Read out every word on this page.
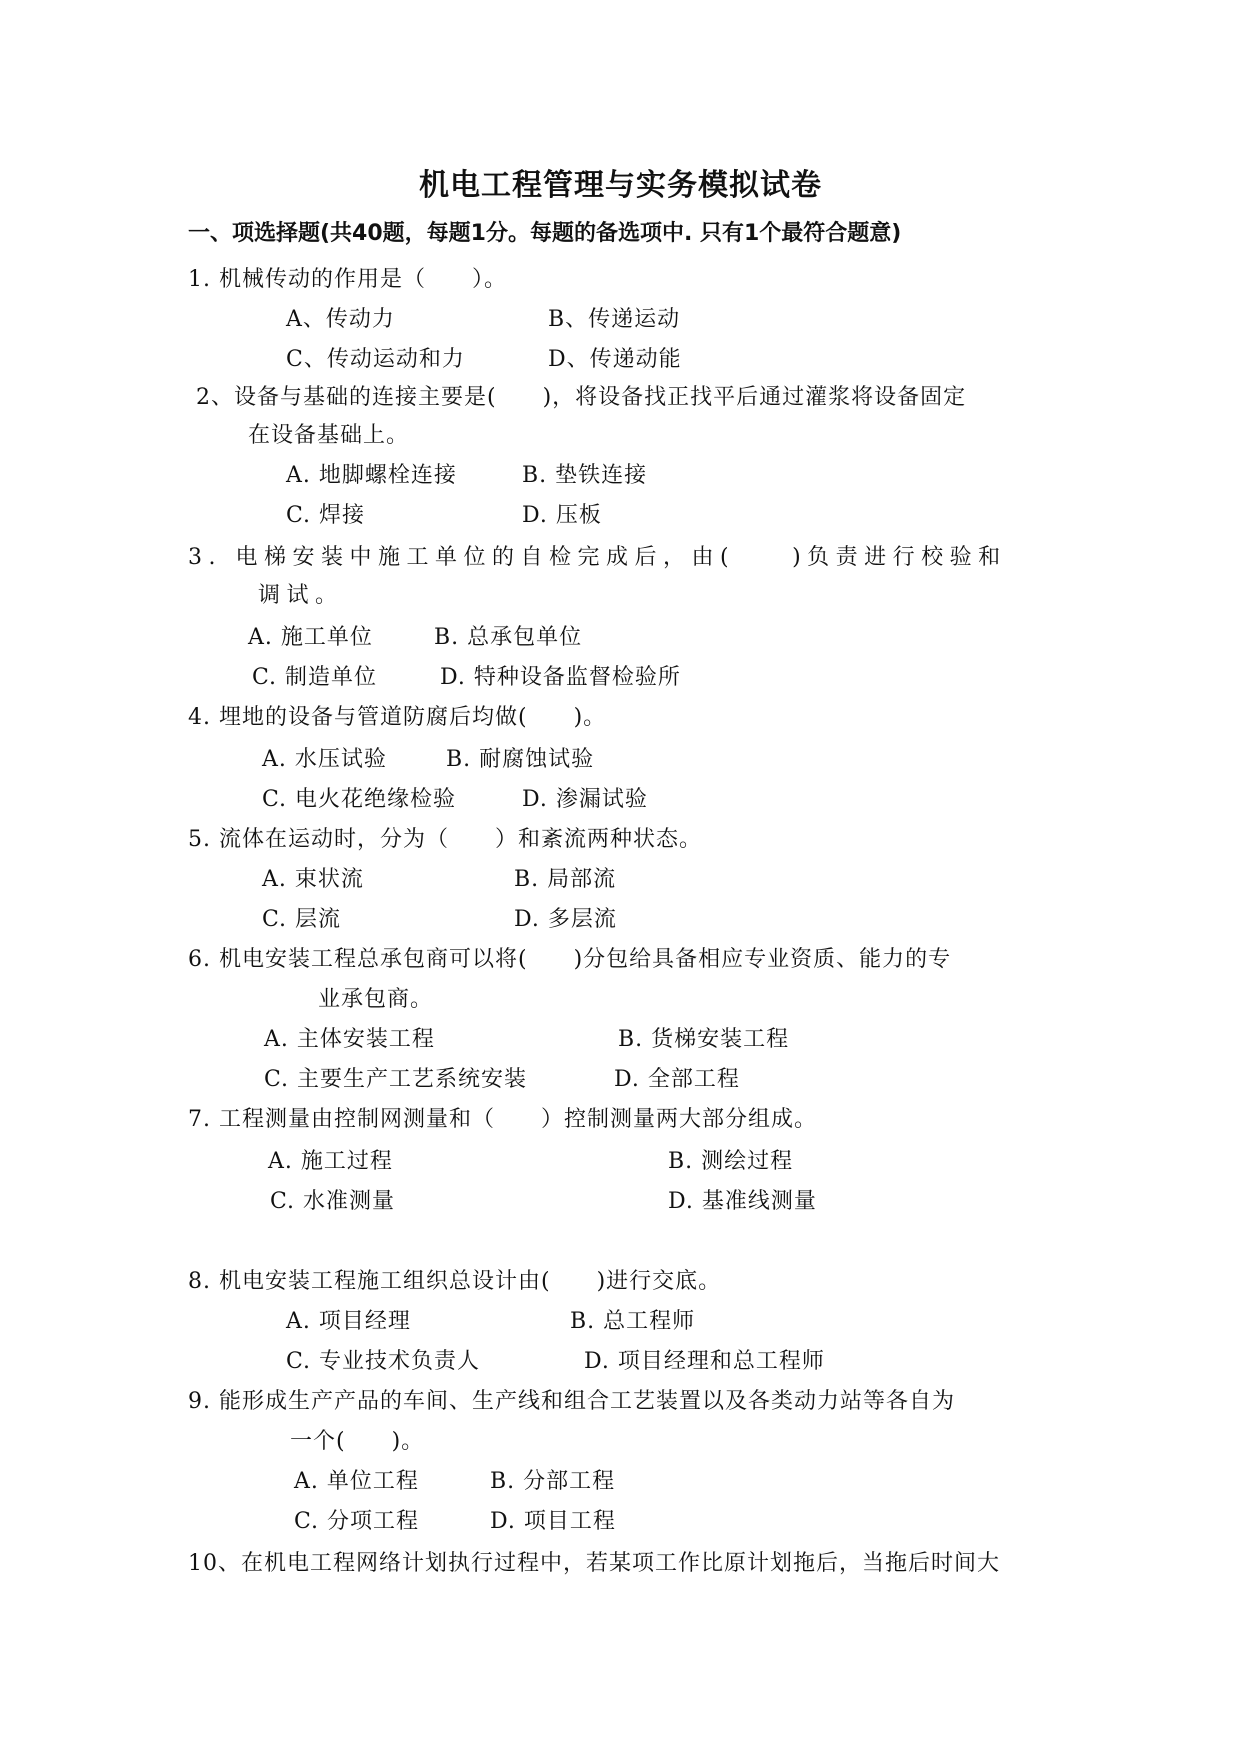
机电工程管理与实务模拟试卷
一、项选择题(共40题，每题1分。每题的备选项中. 只有1个最符合题意)
1. 机械传动的作用是（　　）。
A、传动力	B、传递运动
C、传动运动和力	D、传递动能
2、设备与基础的连接主要是(　　)，将设备找正找平后通过灌浆将设备固定
在设备基础上。
A. 地脚螺栓连接	B. 垫铁连接
C. 焊接	D. 压板
3. 电梯安装中施工单位的自检完成后，由(　　)负责进行校验和
调试。
A. 施工单位	B. 总承包单位
C. 制造单位	D. 特种设备监督检验所
4. 埋地的设备与管道防腐后均做(　　)。
A. 水压试验	B. 耐腐蚀试验
C. 电火花绝缘检验	D. 渗漏试验
5. 流体在运动时，分为（　　）和紊流两种状态。
A. 束状流	B. 局部流
C. 层流	D. 多层流
6. 机电安装工程总承包商可以将(　　)分包给具备相应专业资质、能力的专
业承包商。
A. 主体安装工程	B. 货梯安装工程
C. 主要生产工艺系统安装	D. 全部工程
7. 工程测量由控制网测量和（　　）控制测量两大部分组成。
A. 施工过程	B. 测绘过程
C. 水准测量	D. 基准线测量
8. 机电安装工程施工组织总设计由(　　)进行交底。
A. 项目经理	B. 总工程师
C. 专业技术负责人	D. 项目经理和总工程师
9. 能形成生产产品的车间、生产线和组合工艺装置以及各类动力站等各自为
一个(　　)。
A. 单位工程	B. 分部工程
C. 分项工程	D. 项目工程
10、在机电工程网络计划执行过程中，若某项工作比原计划拖后，当拖后时间大
